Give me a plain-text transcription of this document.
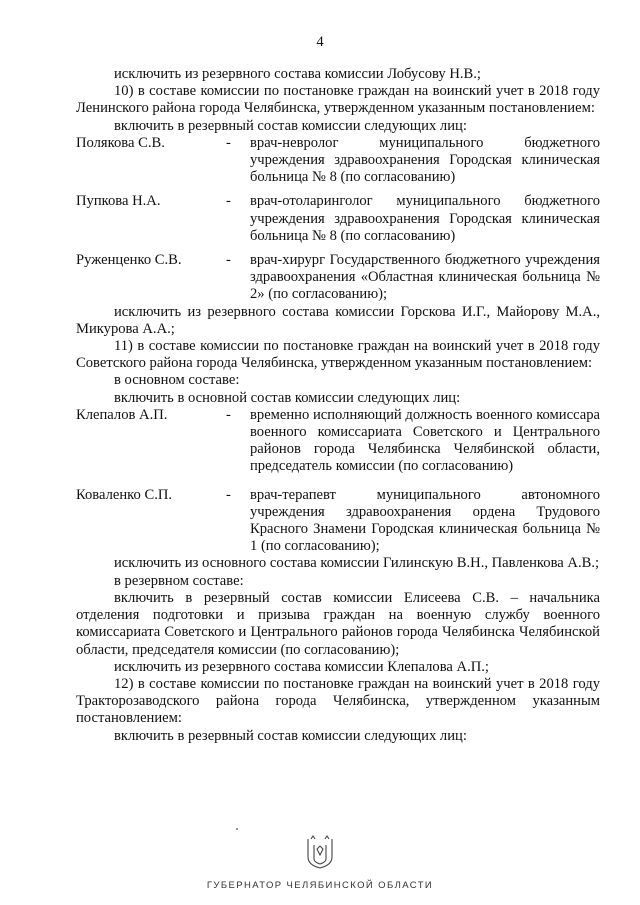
4

исключить из резервного состава комиссии Лобусову Н.В.;

10) в составе комиссии по постановке граждан на воинский учет в 2018 году Ленинского района города Челябинска, утвержденном указанным постановлением:

включить в резервный состав комиссии следующих лиц:

Полякова С.В.	-	врач-невролог муниципального бюджетного учреждения здравоохранения Городская клиническая больница № 8 (по согласованию)
Пупкова Н.А.	-	врач-отоларинголог муниципального бюджетного учреждения здравоохранения Городская клиническая больница № 8 (по согласованию)
Руженценко С.В.	-	врач-хирург Государственного бюджетного учреждения здравоохранения «Областная клиническая больница № 2» (по согласованию);

исключить из резервного состава комиссии Горскова И.Г., Майорову М.А., Микурова А.А.;

11) в составе комиссии по постановке граждан на воинский учет в 2018 году Советского района города Челябинска, утвержденном указанным постановлением:

в основном составе:

включить в основной состав комиссии следующих лиц:

Клепалов А.П.	-	временно исполняющий должность военного комиссара военного комиссариата Советского и Центрального районов города Челябинска Челябинской области, председатель комиссии (по согласованию)
Коваленко С.П.	-	врач-терапевт муниципального автономного учреждения здравоохранения ордена Трудового Красного Знамени Городская клиническая больница № 1 (по согласованию);

исключить из основного состава комиссии Гилинскую В.Н., Павленкова А.В.;

в резервном составе:

включить в резервный состав комиссии Елисеева С.В. – начальника отделения подготовки и призыва граждан на военную службу военного комиссариата Советского и Центрального районов города Челябинска Челябинской области, председателя комиссии (по согласованию);

исключить из резервного состава комиссии Клепалова А.П.;

12) в составе комиссии по постановке граждан на воинский учет в 2018 году Тракторозаводского района города Челябинска, утвержденном указанным постановлением:

включить в резервный состав комиссии следующих лиц:

ГУБЕРНАТОР ЧЕЛЯБИНСКОЙ ОБЛАСТИ
